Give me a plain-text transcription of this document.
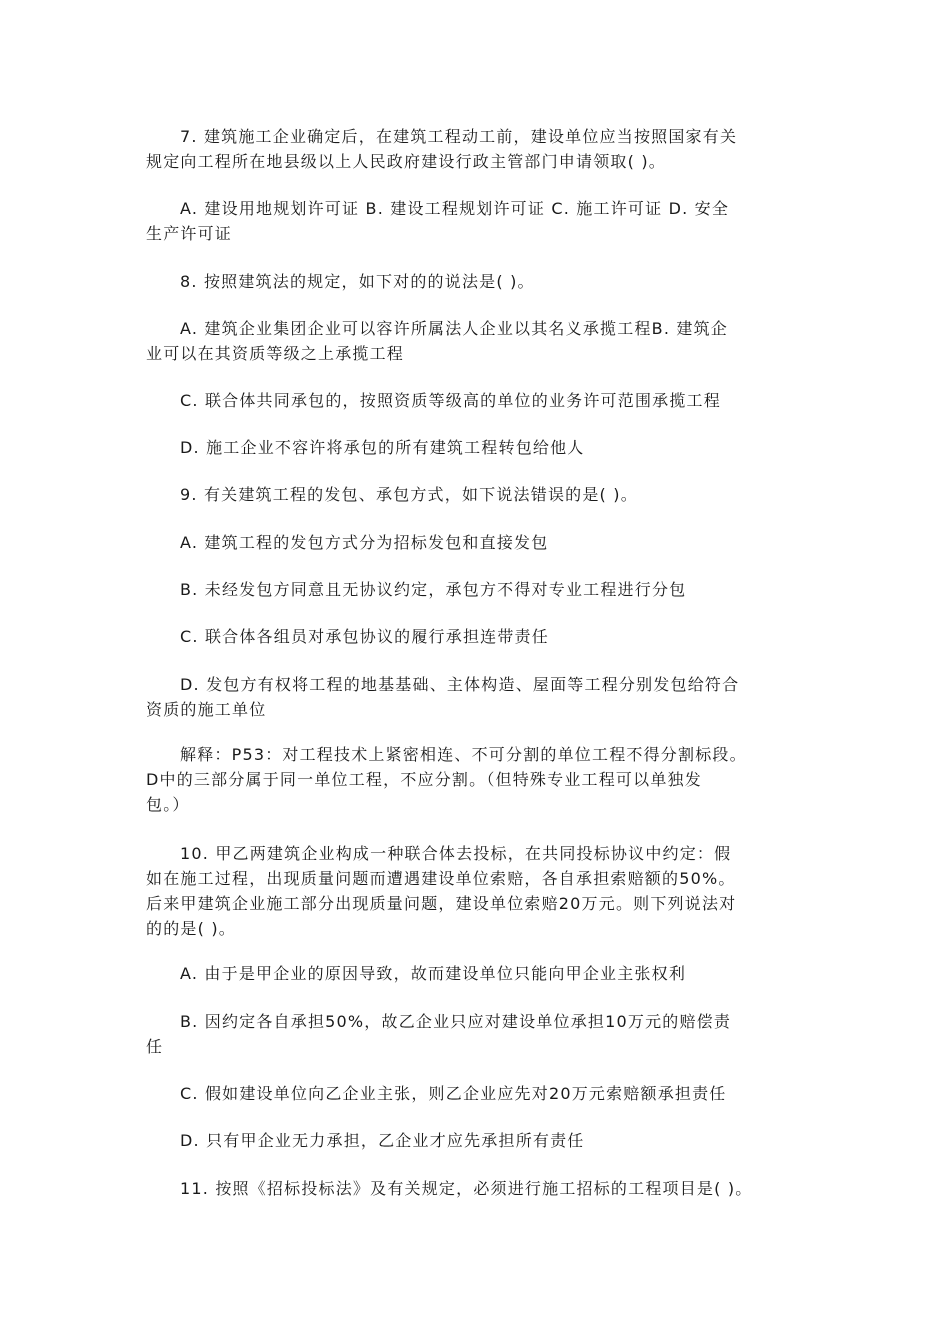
7. 建筑施工企业确定后，在建筑工程动工前，建设单位应当按照国家有关
规定向工程所在地县级以上人民政府建设行政主管部门申请领取( )。

A. 建设用地规划许可证 B. 建设工程规划许可证 C. 施工许可证 D. 安全
生产许可证

8. 按照建筑法的规定，如下对的的说法是( )。

A. 建筑企业集团企业可以容许所属法人企业以其名义承揽工程B. 建筑企
业可以在其资质等级之上承揽工程

C. 联合体共同承包的，按照资质等级高的单位的业务许可范围承揽工程

D. 施工企业不容许将承包的所有建筑工程转包给他人

9. 有关建筑工程的发包、承包方式，如下说法错误的是( )。

A. 建筑工程的发包方式分为招标发包和直接发包

B. 未经发包方同意且无协议约定，承包方不得对专业工程进行分包

C. 联合体各组员对承包协议的履行承担连带责任

D. 发包方有权将工程的地基基础、主体构造、屋面等工程分别发包给符合
资质的施工单位

解释：P53：对工程技术上紧密相连、不可分割的单位工程不得分割标段。
D中的三部分属于同一单位工程，不应分割。（但特殊专业工程可以单独发
包。）

10. 甲乙两建筑企业构成一种联合体去投标，在共同投标协议中约定：假
如在施工过程，出现质量问题而遭遇建设单位索赔，各自承担索赔额的50%。
后来甲建筑企业施工部分出现质量问题，建设单位索赔20万元。则下列说法对
的的是( )。

A. 由于是甲企业的原因导致，故而建设单位只能向甲企业主张权利

B. 因约定各自承担50%，故乙企业只应对建设单位承担10万元的赔偿责
任

C. 假如建设单位向乙企业主张，则乙企业应先对20万元索赔额承担责任

D. 只有甲企业无力承担，乙企业才应先承担所有责任

11. 按照《招标投标法》及有关规定，必须进行施工招标的工程项目是( )。
